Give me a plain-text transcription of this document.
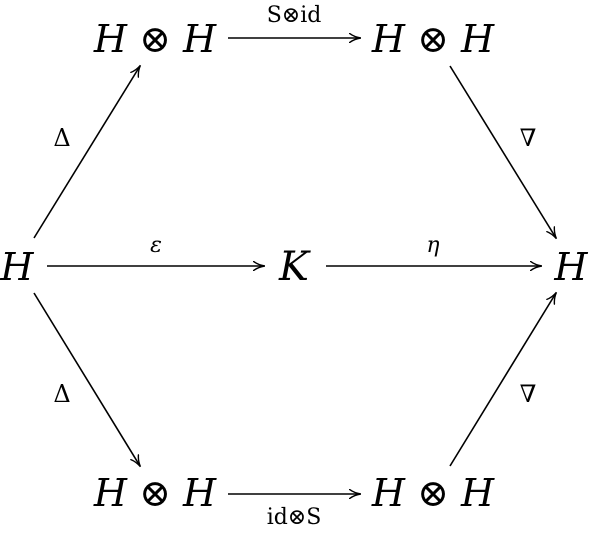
H ⊗ H	H ⊗ H
H	K	H
H ⊗ H	H ⊗ H
S⊗id
id⊗S
Δ
Δ
∇
∇
ε	η
